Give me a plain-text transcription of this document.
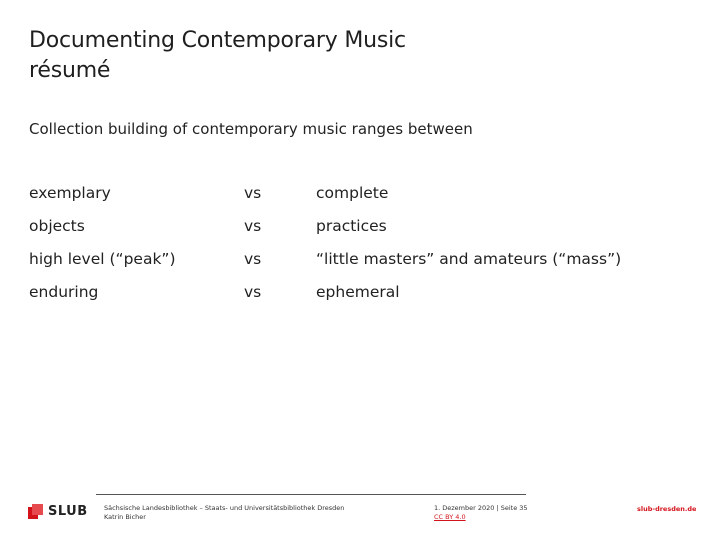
Documenting Contemporary Music
résumé
Collection building of contemporary music ranges between
exemplary	vs	complete
objects	vs	practices
high level (“peak”)	vs	“little masters” and amateurs (“mass”)
enduring	vs	ephemeral
SLUB	Sächsische Landesbibliothek – Staats- und Universitätsbibliothek Dresden
Katrin Bicher
1. Dezember 2020 | Seite 35
CC BY 4.0
slub-dresden.de
